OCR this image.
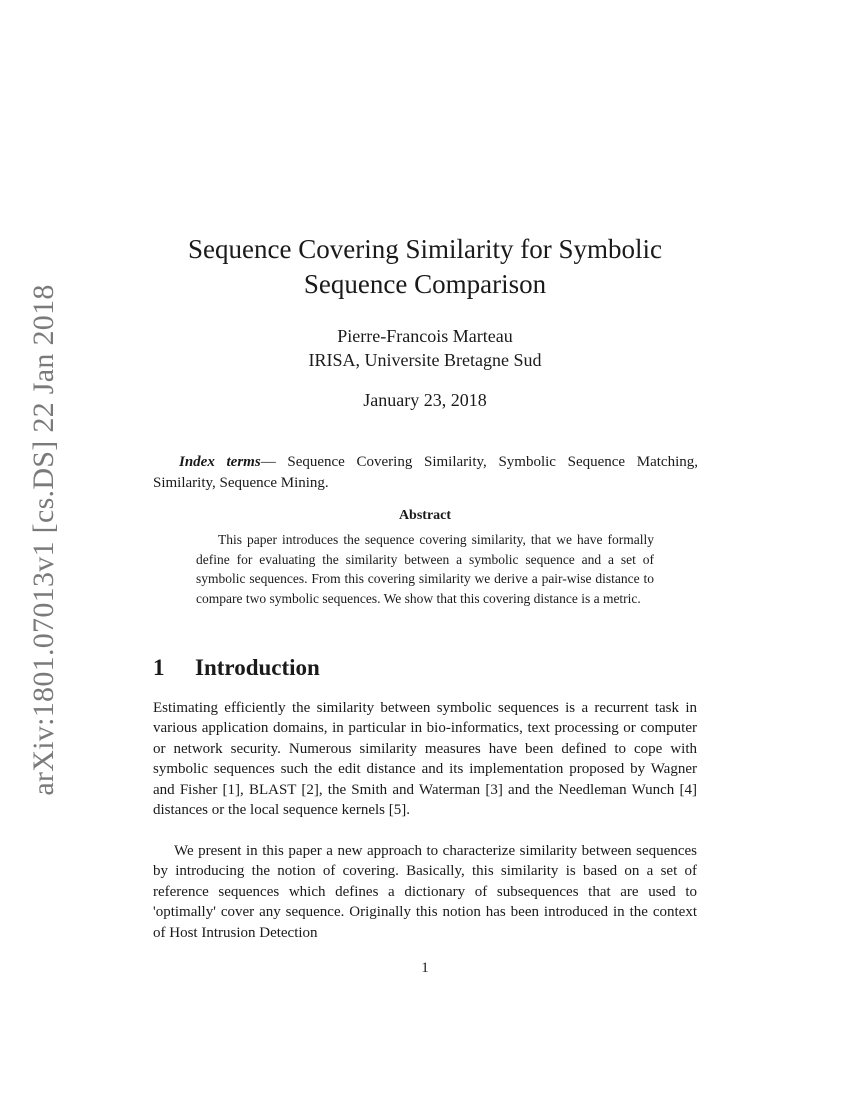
arXiv:1801.07013v1 [cs.DS] 22 Jan 2018
Sequence Covering Similarity for Symbolic Sequence Comparison
Pierre-Francois Marteau
IRISA, Universite Bretagne Sud
January 23, 2018
Index terms— Sequence Covering Similarity, Symbolic Sequence Matching, Similarity, Sequence Mining.
Abstract
This paper introduces the sequence covering similarity, that we have formally define for evaluating the similarity between a symbolic sequence and a set of symbolic sequences. From this covering similarity we derive a pair-wise distance to compare two symbolic sequences. We show that this covering distance is a metric.
1 Introduction
Estimating efficiently the similarity between symbolic sequences is a recurrent task in various application domains, in particular in bio-informatics, text processing or computer or network security. Numerous similarity measures have been defined to cope with symbolic sequences such the edit distance and its implementation proposed by Wagner and Fisher [1], BLAST [2], the Smith and Waterman [3] and the Needleman Wunch [4] distances or the local sequence kernels [5].
We present in this paper a new approach to characterize similarity between sequences by introducing the notion of covering. Basically, this similarity is based on a set of reference sequences which defines a dictionary of subsequences that are used to 'optimally' cover any sequence. Originally this notion has been introduced in the context of Host Intrusion Detection
1
